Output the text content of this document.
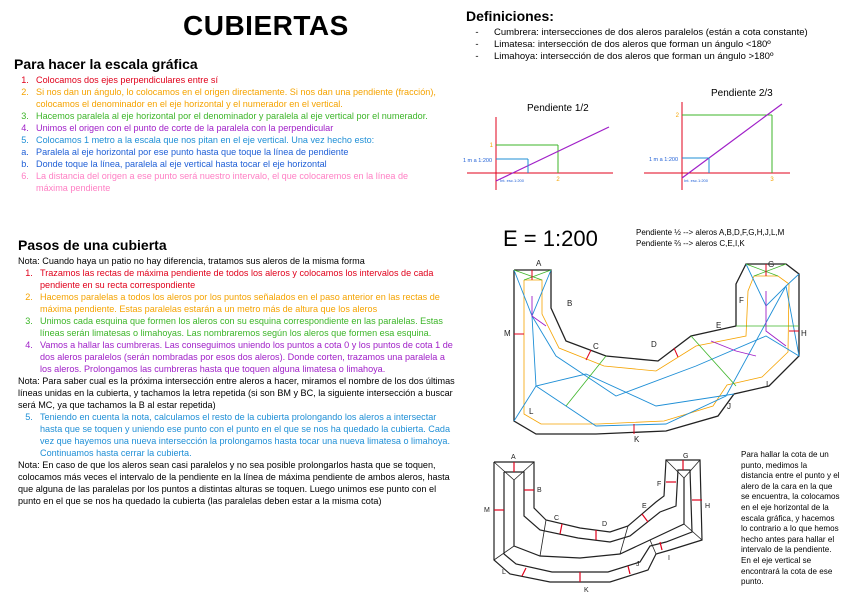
CUBIERTAS
Para hacer la escala gráfica
1. Colocamos dos ejes perpendiculares entre sí
2. Si nos dan un ángulo, lo colocamos en el origen directamente. Si nos dan una pendiente (fracción), colocamos el denominador en el eje horizontal y el numerador en el vertical.
3. Hacemos paralela al eje horizontal por el denominador y paralela al eje vertical por el numerador.
4. Unimos el origen con el punto de corte de la paralela con la perpendicular
5. Colocamos 1 metro a la escala que nos pitan en el eje vertical. Una vez hecho esto:
a. Paralela al eje horizontal por ese punto hasta que toque la línea de pendiente
b. Donde toque la línea, paralela al eje vertical hasta tocar el eje horizontal
6. La distancia del origen a ese punto será nuestro intervalo, el que colocaremos en la línea de máxima pendiente
Pasos de una cubierta
Nota: Cuando haya un patio no hay diferencia, tratamos sus aleros de la misma forma
1. Trazamos las rectas de máxima pendiente de todos los aleros y colocamos los intervalos de cada pendiente en su recta correspondiente
2. Hacemos paralelas a todos los aleros por los puntos señalados en el paso anterior en las rectas de máxima pendiente. Estas paralelas estarán a un metro más de altura que los aleros
3. Unimos cada esquina que formen los aleros con su esquina correspondiente en las paralelas. Estas líneas serán limatesas o limahoyas. Las nombraremos según los aleros que formen esa esquina.
4. Vamos a hallar las cumbreras. Las conseguimos uniendo los puntos a cota 0 y los puntos de cota 1 de dos aleros paralelos (serán nombradas por esos dos aleros). Donde corten, trazamos una paralela a los aleros. Prolongamos las cumbreras hasta que toquen alguna limatesa o limahoya.
Nota: Para saber cual es la próxima intersección entre aleros a hacer, miramos el nombre de los dos últimas líneas unidas en la cubierta, y tachamos la letra repetida (si son BM y BC, la siguiente intersección a buscar será MC, ya que tachamos la B al estar repetida)
5. Teniendo en cuenta la nota, calculamos el resto de la cubierta prolongando los aleros a intersectar hasta que se toquen y uniendo ese punto con el punto en el que se nos ha quedado la cubierta. Cada vez que hayemos una nueva intersección la prolongamos hasta tocar una nueva limatesa o limahoya.
Continuamos hasta cerrar la cubierta.
Nota: En caso de que los aleros sean casi paralelos y no sea posible prolongarlos hasta que se toquen, colocamos más veces el intervalo de la pendiente en la línea de máxima pendiente de ambos aleros, hasta que alguna de las paralelas por los puntos a distintas alturas se toquen. Luego unimos ese punto con el punto en el que se nos ha quedado la cubierta (las paralelas deben estar a la misma cota)
Definiciones:
-	Cumbrera: intersecciones de dos aleros paralelos (están a cota constante)
-	Limatesa: intersección de dos aleros que forman un ángulo <180º
-	Limahoya: intersección de dos aleros que forman un ángulo >180º
Pendiente 1/2
1
2
1 m a 1:200
Int. esc.1:200
Pendiente 2/3
2
3
1 m a 1:200
Int. esc.1:200
E = 1:200	Pendiente ½ --> aleros A,B,D,F,G,H,J,L,M
Pendiente ⅔ --> aleros C,E,I,K
A
B
C	D
E
F
G
H
I
J
K
L
M
A
B
C
D
E
F
G
H
I
J
K
L
M
Para hallar la cota de un punto, medimos la distancia entre el punto y el alero de la cara en la que se encuentra, la colocamos en el eje horizontal de la escala gráfica, y hacemos lo contrario a lo que hemos hecho antes para hallar el intervalo de la pendiente. En el eje vertical se encontrará la cota de ese punto.
